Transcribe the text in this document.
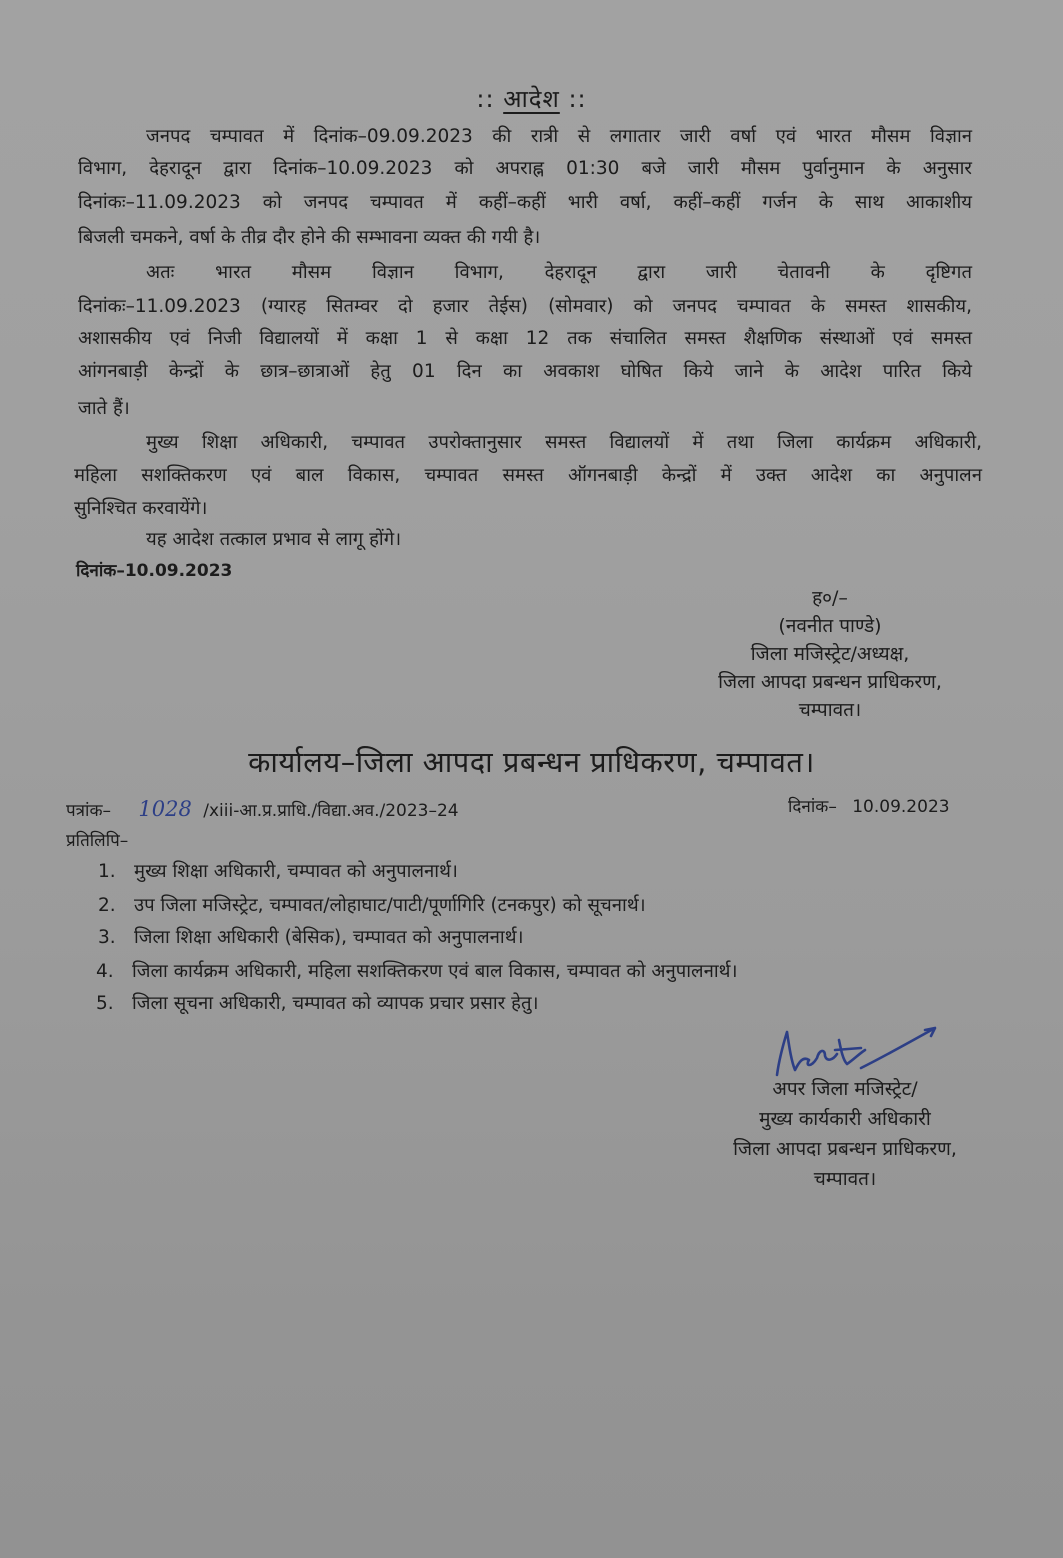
:: आदेश ::
जनपद चम्पावत में दिनांक–09.09.2023 की रात्री से लगातार जारी वर्षा एवं भारत मौसम विज्ञान
विभाग, देहरादून द्वारा दिनांक–10.09.2023 को अपराह्न 01:30 बजे जारी मौसम पुर्वानुमान के अनुसार
दिनांकः–11.09.2023 को जनपद चम्पावत में कहीं–कहीं भारी वर्षा, कहीं–कहीं गर्जन के साथ आकाशीय
बिजली चमकने, वर्षा के तीव्र दौर होने की सम्भावना व्यक्त की गयी है।
अतः भारत मौसम विज्ञान विभाग, देहरादून द्वारा जारी चेतावनी के दृष्टिगत
दिनांकः–11.09.2023 (ग्यारह सितम्वर दो हजार तेईस) (सोमवार) को जनपद चम्पावत के समस्त शासकीय,
अशासकीय एवं निजी विद्यालयों में कक्षा 1 से कक्षा 12 तक संचालित समस्त शैक्षणिक संस्थाओं एवं समस्त
आंगनबाड़ी केन्द्रों के छात्र–छात्राओं हेतु 01 दिन का अवकाश घोषित किये जाने के आदेश पारित किये
जाते हैं।
मुख्य शिक्षा अधिकारी, चम्पावत उपरोक्तानुसार समस्त विद्यालयों में तथा जिला कार्यक्रम अधिकारी,
महिला सशक्तिकरण एवं बाल विकास, चम्पावत समस्त ऑगनबाड़ी केन्द्रों में उक्त आदेश का अनुपालन
सुनिश्चित करवायेंगे।
यह आदेश तत्काल प्रभाव से लागू होंगे।
दिनांक–10.09.2023
ह०/–
(नवनीत पाण्डे)
जिला मजिस्ट्रेट/अध्यक्ष,
जिला आपदा प्रबन्धन प्राधिकरण,
चम्पावत।
कार्यालय–जिला आपदा प्रबन्धन प्राधिकरण, चम्पावत।
पत्रांक– 1028 /xiii-आ.प्र.प्राधि./विद्या.अव./2023–24	दिनांक– 10.09.2023
प्रतिलिपि–
1. मुख्य शिक्षा अधिकारी, चम्पावत को अनुपालनार्थ।
2. उप जिला मजिस्ट्रेट, चम्पावत/लोहाघाट/पाटी/पूर्णागिरि (टनकपुर) को सूचनार्थ।
3. जिला शिक्षा अधिकारी (बेसिक), चम्पावत को अनुपालनार्थ।
4. जिला कार्यक्रम अधिकारी, महिला सशक्तिकरण एवं बाल विकास, चम्पावत को अनुपालनार्थ।
5. जिला सूचना अधिकारी, चम्पावत को व्यापक प्रचार प्रसार हेतु।
अपर जिला मजिस्ट्रेट/
मुख्य कार्यकारी अधिकारी
जिला आपदा प्रबन्धन प्राधिकरण,
चम्पावत।
